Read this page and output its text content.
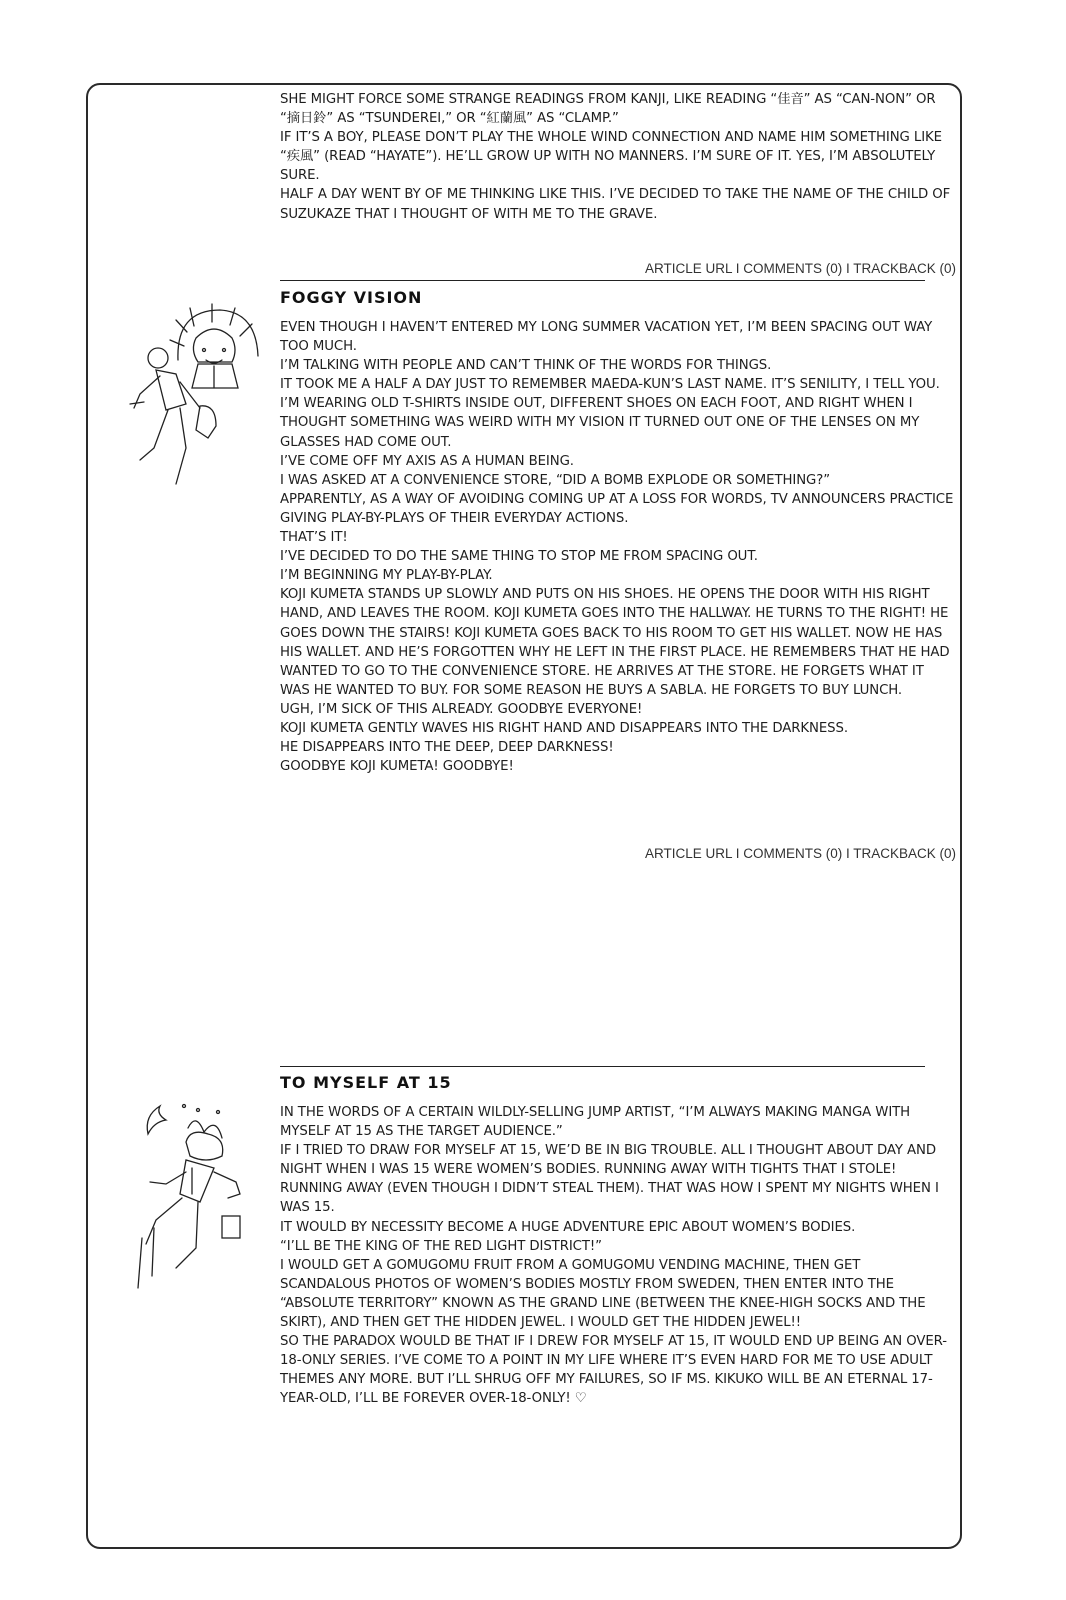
SHE MIGHT FORCE SOME STRANGE READINGS FROM KANJI, LIKE READING “佳音” AS “CAN-NON” OR “摘日鈴” AS “TSUNDEREI,” OR “紅蘭風” AS “CLAMP.”

IF IT’S A BOY, PLEASE DON’T PLAY THE WHOLE WIND CONNECTION AND NAME HIM SOMETHING LIKE “疾風” (READ “HAYATE”). HE’LL GROW UP WITH NO MANNERS. I’M SURE OF IT. YES, I’M ABSOLUTELY SURE.

HALF A DAY WENT BY OF ME THINKING LIKE THIS. I’VE DECIDED TO TAKE THE NAME OF THE CHILD OF SUZUKAZE THAT I THOUGHT OF WITH ME TO THE GRAVE.

ARTICLE URL I COMMENTS (0) I TRACKBACK (0)
FOGGY VISION

EVEN THOUGH I HAVEN’T ENTERED MY LONG SUMMER VACATION YET, I’M BEEN SPACING OUT WAY TOO MUCH.

I’M TALKING WITH PEOPLE AND CAN’T THINK OF THE WORDS FOR THINGS.

IT TOOK ME A HALF A DAY JUST TO REMEMBER MAEDA-KUN’S LAST NAME. IT’S SENILITY, I TELL YOU.

I’M WEARING OLD T-SHIRTS INSIDE OUT, DIFFERENT SHOES ON EACH FOOT, AND RIGHT WHEN I THOUGHT SOMETHING WAS WEIRD WITH MY VISION IT TURNED OUT ONE OF THE LENSES ON MY GLASSES HAD COME OUT.

I’VE COME OFF MY AXIS AS A HUMAN BEING.

I WAS ASKED AT A CONVENIENCE STORE, “DID A BOMB EXPLODE OR SOMETHING?”

APPARENTLY, AS A WAY OF AVOIDING COMING UP AT A LOSS FOR WORDS, TV ANNOUNCERS PRACTICE GIVING PLAY-BY-PLAYS OF THEIR EVERYDAY ACTIONS.

THAT’S IT!

I’VE DECIDED TO DO THE SAME THING TO STOP ME FROM SPACING OUT.

I’M BEGINNING MY PLAY-BY-PLAY.

KOJI KUMETA STANDS UP SLOWLY AND PUTS ON HIS SHOES. HE OPENS THE DOOR WITH HIS RIGHT HAND, AND LEAVES THE ROOM. KOJI KUMETA GOES INTO THE HALLWAY. HE TURNS TO THE RIGHT! HE GOES DOWN THE STAIRS! KOJI KUMETA GOES BACK TO HIS ROOM TO GET HIS WALLET. NOW HE HAS HIS WALLET. AND HE’S FORGOTTEN WHY HE LEFT IN THE FIRST PLACE. HE REMEMBERS THAT HE HAD WANTED TO GO TO THE CONVENIENCE STORE. HE ARRIVES AT THE STORE. HE FORGETS WHAT IT WAS HE WANTED TO BUY. FOR SOME REASON HE BUYS A SABLA. HE FORGETS TO BUY LUNCH.

UGH, I’M SICK OF THIS ALREADY. GOODBYE EVERYONE!

KOJI KUMETA GENTLY WAVES HIS RIGHT HAND AND DISAPPEARS INTO THE DARKNESS.

HE DISAPPEARS INTO THE DEEP, DEEP DARKNESS!

GOODBYE KOJI KUMETA! GOODBYE!

ARTICLE URL I COMMENTS (0) I TRACKBACK (0)
TO MYSELF AT 15

IN THE WORDS OF A CERTAIN WILDLY-SELLING JUMP ARTIST, “I’M ALWAYS MAKING MANGA WITH MYSELF AT 15 AS THE TARGET AUDIENCE.”

IF I TRIED TO DRAW FOR MYSELF AT 15, WE’D BE IN BIG TROUBLE. ALL I THOUGHT ABOUT DAY AND NIGHT WHEN I WAS 15 WERE WOMEN’S BODIES. RUNNING AWAY WITH TIGHTS THAT I STOLE! RUNNING AWAY (EVEN THOUGH I DIDN’T STEAL THEM). THAT WAS HOW I SPENT MY NIGHTS WHEN I WAS 15.

IT WOULD BY NECESSITY BECOME A HUGE ADVENTURE EPIC ABOUT WOMEN’S BODIES.

“I’LL BE THE KING OF THE RED LIGHT DISTRICT!”

I WOULD GET A GOMUGOMU FRUIT FROM A GOMUGOMU VENDING MACHINE, THEN GET SCANDALOUS PHOTOS OF WOMEN’S BODIES MOSTLY FROM SWEDEN, THEN ENTER INTO THE “ABSOLUTE TERRITORY” KNOWN AS THE GRAND LINE (BETWEEN THE KNEE-HIGH SOCKS AND THE SKIRT), AND THEN GET THE HIDDEN JEWEL. I WOULD GET THE HIDDEN JEWEL!!

SO THE PARADOX WOULD BE THAT IF I DREW FOR MYSELF AT 15, IT WOULD END UP BEING AN OVER-18-ONLY SERIES. I’VE COME TO A POINT IN MY LIFE WHERE IT’S EVEN HARD FOR ME TO USE ADULT THEMES ANY MORE. BUT I’LL SHRUG OFF MY FAILURES, SO IF MS. KIKUKO WILL BE AN ETERNAL 17-YEAR-OLD, I’LL BE FOREVER OVER-18-ONLY! ♡
